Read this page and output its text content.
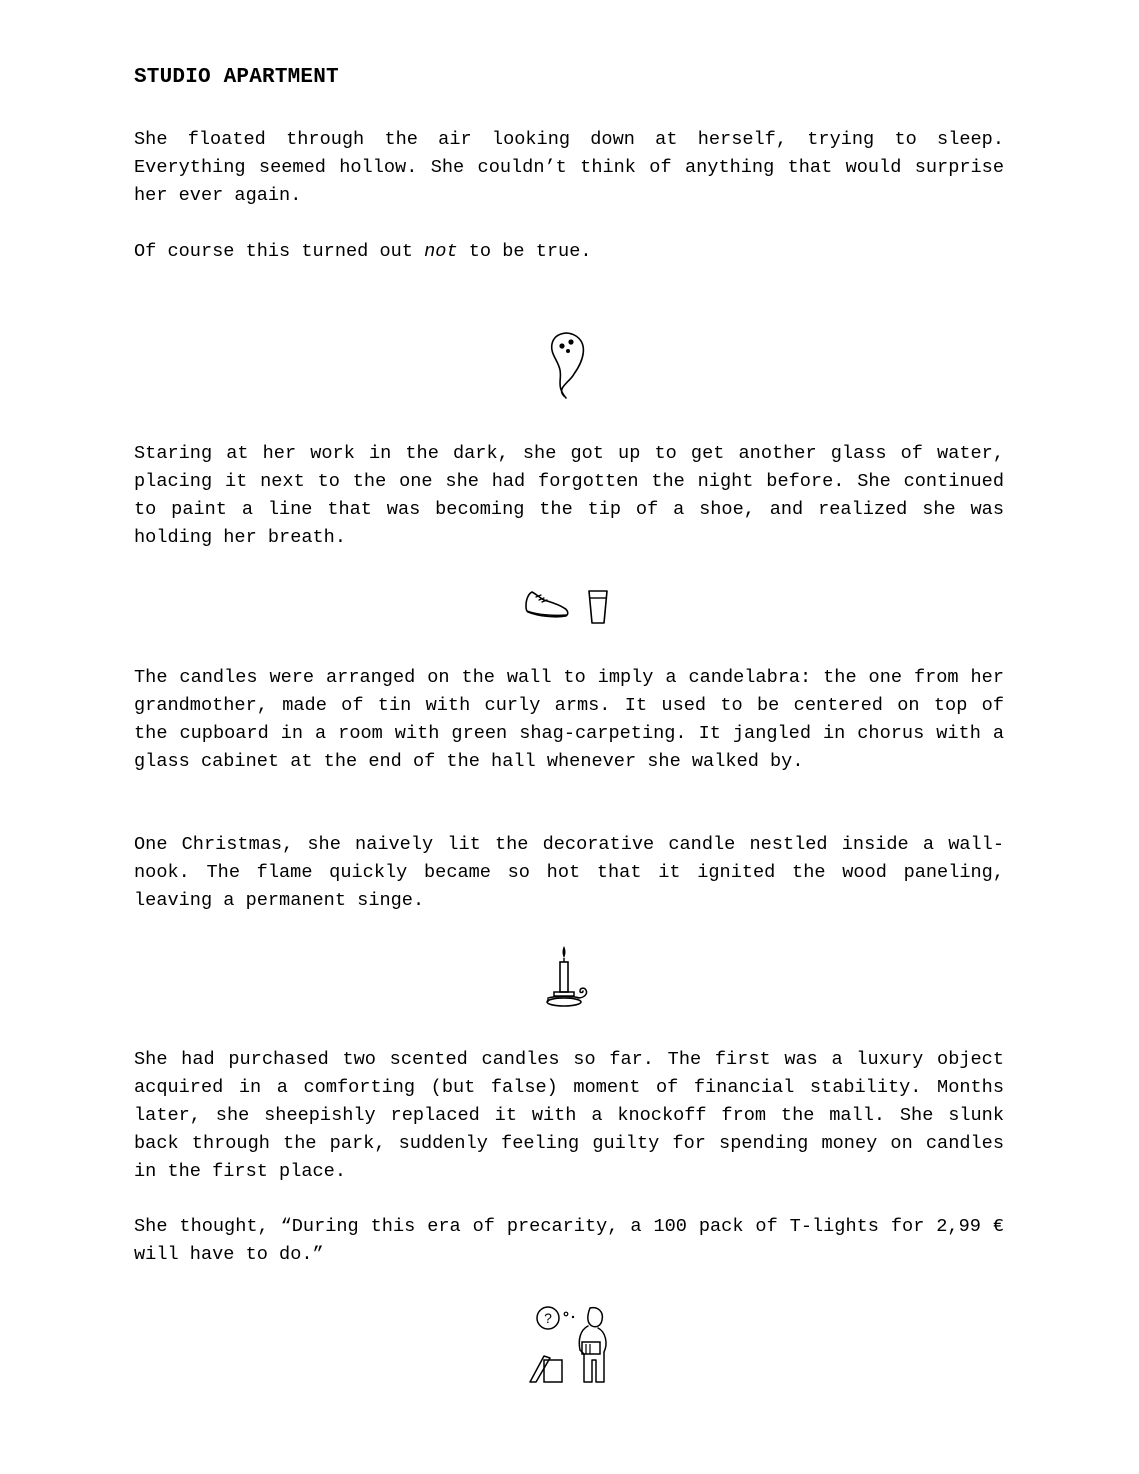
STUDIO APARTMENT

She floated through the air looking down at herself, trying to sleep. Everything seemed hollow. She couldn’t think of anything that would surprise her ever again.

Of course this turned out not to be true.

Staring at her work in the dark, she got up to get another glass of water, placing it next to the one she had forgotten the night before. She continued to paint a line that was becoming the tip of a shoe, and realized she was holding her breath.

The candles were arranged on the wall to imply a candelabra: the one from her grandmother, made of tin with curly arms. It used to be centered on top of the cupboard in a room with green shag-carpeting. It jangled in chorus with a glass cabinet at the end of the hall whenever she walked by.

One Christmas, she naively lit the decorative candle nestled inside a wall-nook. The flame quickly became so hot that it ignited the wood paneling, leaving a permanent singe.

She had purchased two scented candles so far. The first was a luxury object acquired in a comforting (but false) moment of financial stability. Months later, she sheepishly replaced it with a knockoff from the mall. She slunk back through the park, suddenly feeling guilty for spending money on candles in the first place.

She thought, “During this era of precarity, a 100 pack of T-lights for 2,99 € will have to do.”

?
